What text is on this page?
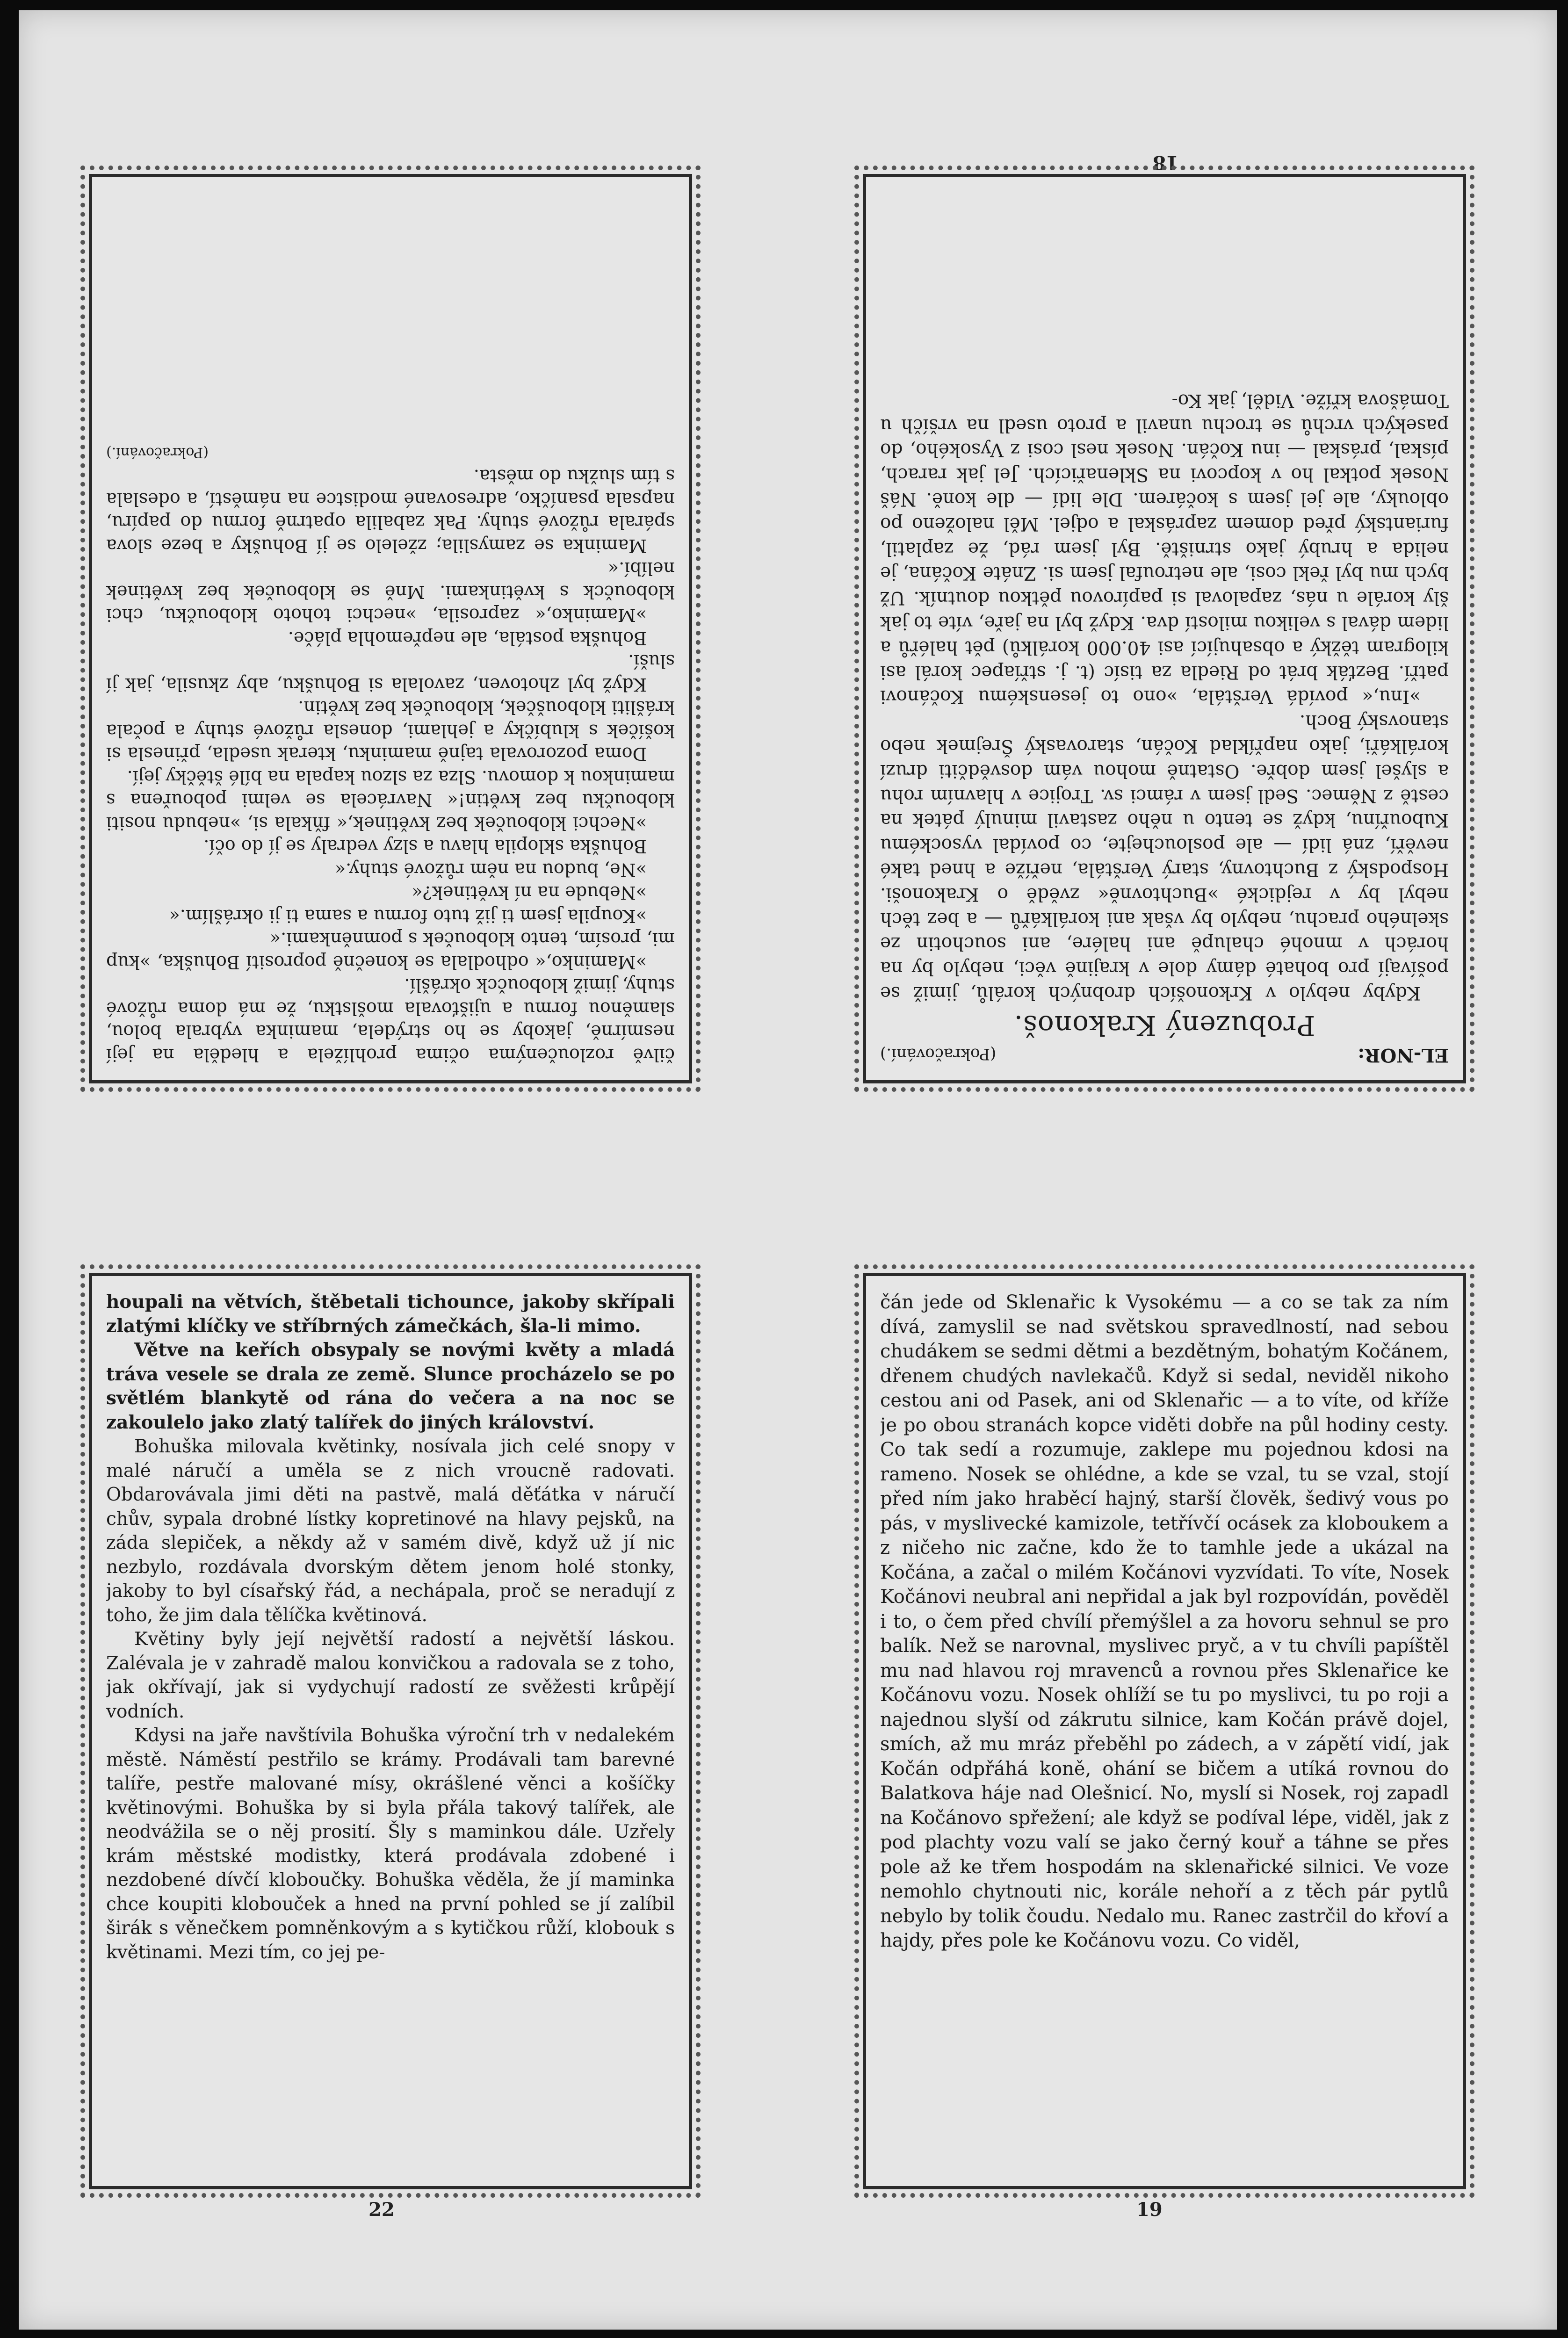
18
EL-NOR:
(Pokračování.)
Probuzený Krakonoš.

Kdyby nebylo v Krkonoších drobných korálů, jimiž se pošívají pro bohaté dámy dole v krajině věci, nebylo by na horách v mnohé chalupě ani halére, ani souchotin ze skelného prachu, nebylo by však ani korálkářů — a bez těch nebyl by v rejdické »Buchtovně« zvědě o Krakonoši. Hospodský z Buchtovny, starý Verštála, neříže a hned také nevěří, zná lidí — ale poslouchejte, co povídal vysockému Kubouřínu, když se tento u něho zastavil minulý pátek na cestě z Němec. Sedl jsem v rámci sv. Trojice v hlavním rohu a slyšel jsem dobře. Ostatně mohou vám dosvědčiti druzí korálkáři, jako například Kočán, starovaský Šrejmek nebo stanovský Boch.

»Inu,« povídá Verštála, »ono to jesenskému Kočánovi patří. Bezťák brát od Riedla za tisíc (t. j. stříapec korál asi kilogram těžký a obsahující asi 40.000 korálků) pět haléřů a lidem dával s velikou milostí dva. Když byl na jaře, víte to jak šly korále u nás, zapaloval si papírovou pětkou doutník. Už bych mu byl řekl cosi, ale netroufal jsem si. Znáte Kočána, je nelida a hrubý jako strniště. Byl jsem rád, že zaplatil, furiantský před domem zapráskal a odjel. Měl naloženo po obloukу, ale jel jsem s kočárem. Dle lidí — dle koně. Náš Nosek potkal ho v kopcovi na Sklenařicích. Jel jak rarach, pískal, práskal — inu Kočán. Nosek nesl cosi z Vysokého, do pasekých vrchů se trochu unavil a proto usedl na vršíčh u Tomášova kříže. Viděl, jak Ko-

čilvě rozloučenýma očima prohlížela a hleděla na její nesmírně, jakoby se ho strýdela, maminka vybrala bolou, slaměnou formu a ujišťovala mošlstku, že má doma růžové stuhy, jimiž kloboučck okrášlí.

»Maminko,« odhodlala se konečně poprosití Bohuška, »kup mi, prosím, tento klobouček s pomněnkami.«

»Koupila jsem ti již tuto formu a sama ti ji okrášlím.«

»Nebude na ní květinek?«

»Ne, budou na něm růžové stuhy.«

Bohuška sklopila hlavu a slzy vedraly se jí do očí.

»Nechci klobouček bez květinek,« fňkala si, »nebudu nositi kloboučku bez květin!« Navrácela se velmi pobouřena s maminkou k domovu. Slza za slzou kapala na bílé štěčky její.

Doma pozorovala tajně maminku, kterak usedla, přinesla si košíček s klubíčky a jehlami, donesla růžové stuhy a počala krášliti kloboušček, klobouček bez květin.

Když byl zhotoven, zavolala si Bohušku, aby zkusila, jak jí sluší.

Bohuška postála, ale nepřemohla pláče.

»Maminko,« zaprosila, »nechci tohoto kloboučku, chci kloboučck s květinkami. Mně se klobouček bez květinek nelíbí.«

Maminka se zamyslila; zželelo se jí Bohušky a beze slova spárala růžové stuhy. Pak zabalila opatrně formu do papíru, napsala psaníčko, adresované modistce na náměstí, a odeslala s tím služku do města.

(Pokračování.)

houpali na větvích, štěbetali tichounce, jakoby skřípali zlatými klíčky ve stříbrných zámečkách, šla-li mimo.

Větve na keřích obsypaly se novými květy a mladá tráva vesele se drala ze země. Slunce procházelo se po světlém blankytě od rána do večera a na noc se zakoulelo jako zlatý talířek do jiných království.

Bohuška milovala květinky, nosívala jich celé snopy v malé náručí a uměla se z nich vroucně radovati. Obdarovávala jimi děti na pastvě, malá děťátka v náručí chův, sypala drobné lístky kopretinové na hlavy pejsků, na záda slepiček, a někdy až v samém divě, když už jí nic nezbylo, rozdávala dvorským dětem jenom holé stonky, jakoby to byl císařský řád, a nechápala, proč se neradují z toho, že jim dala tělíčka květinová.

Květiny byly její největší radostí a největší láskou. Zalévala je v zahradě malou konvičkou a radovala se z toho, jak okřívají, jak si vydychují radostí ze svěžesti krůpějí vodních.

Kdysi na jaře navštívila Bohuška výroční trh v nedalekém městě. Náměstí pestřilo se krámy. Prodávali tam barevné talíře, pestře malované mísy, okrášlené věnci a košíčky květinovými. Bohuška by si byla přála takový talířek, ale neodvážila se o něj prosití. Šly s maminkou dále. Uzřely krám městské modistky, která prodávala zdobené i nezdobené dívčí kloboučky. Bohuška věděla, že jí maminka chce koupiti klobouček a hned na první pohled se jí zalíbil širák s věnečkem pomněnkovým a s kytičkou růží, klobouk s květinami. Mezi tím, co jej pe-

22

čán jede od Sklenařic k Vysokému — a co se tak za ním dívá, zamyslil se nad světskou spravedlností, nad sebou chudákem se sedmi dětmi a bezdětným, bohatým Kočánem, dřenem chudých navlekačů. Když si sedal, neviděl nikoho cestou ani od Pasek, ani od Sklenařic — a to víte, od kříže je po obou stranách kopce viděti dobře na půl hodiny cesty. Co tak sedí a rozumuje, zaklepe mu pojednou kdosi na rameno. Nosek se ohlédne, a kde se vzal, tu se vzal, stojí před ním jako hraběcí hajný, starší člověk, šedivý vous po pás, v myslivecké kamizole, tetřívčí ocásek za kloboukem a z ničeho nic začne, kdo že to tamhle jede a ukázal na Kočána, a začal o milém Kočánovi vyzvídati. To víte, Nosek Kočánovi neubral ani nepřidal a jak byl rozpovídán, pověděl i to, o čem před chvílí přemýšlel a za hovoru sehnul se pro balík. Než se narovnal, myslivec pryč, a v tu chvíli papíštěl mu nad hlavou roj mravenců a rovnou přes Sklenařice ke Kočánovu vozu. Nosek ohlíží se tu po myslivci, tu po roji a najednou slyší od zákrutu silnice, kam Kočán právě dojel, smích, až mu mráz přeběhl po zádech, a v zápětí vidí, jak Kočán odpřáhá koně, ohání se bičem a utíká rovnou do Balatkova háje nad Olešnicí. No, myslí si Nosek, roj zapadl na Kočánovo spřežení; ale když se podíval lépe, viděl, jak z pod plachty vozu valí se jako černý kouř a táhne se přes pole až ke třem hospodám na sklenařické silnici. Ve voze nemohlo chytnouti nic, korále nehoří a z těch pár pytlů nebylo by tolik čoudu. Nedalo mu. Ranec zastrčil do křoví a hajdy, přes pole ke Kočánovu vozu. Co viděl,

19
